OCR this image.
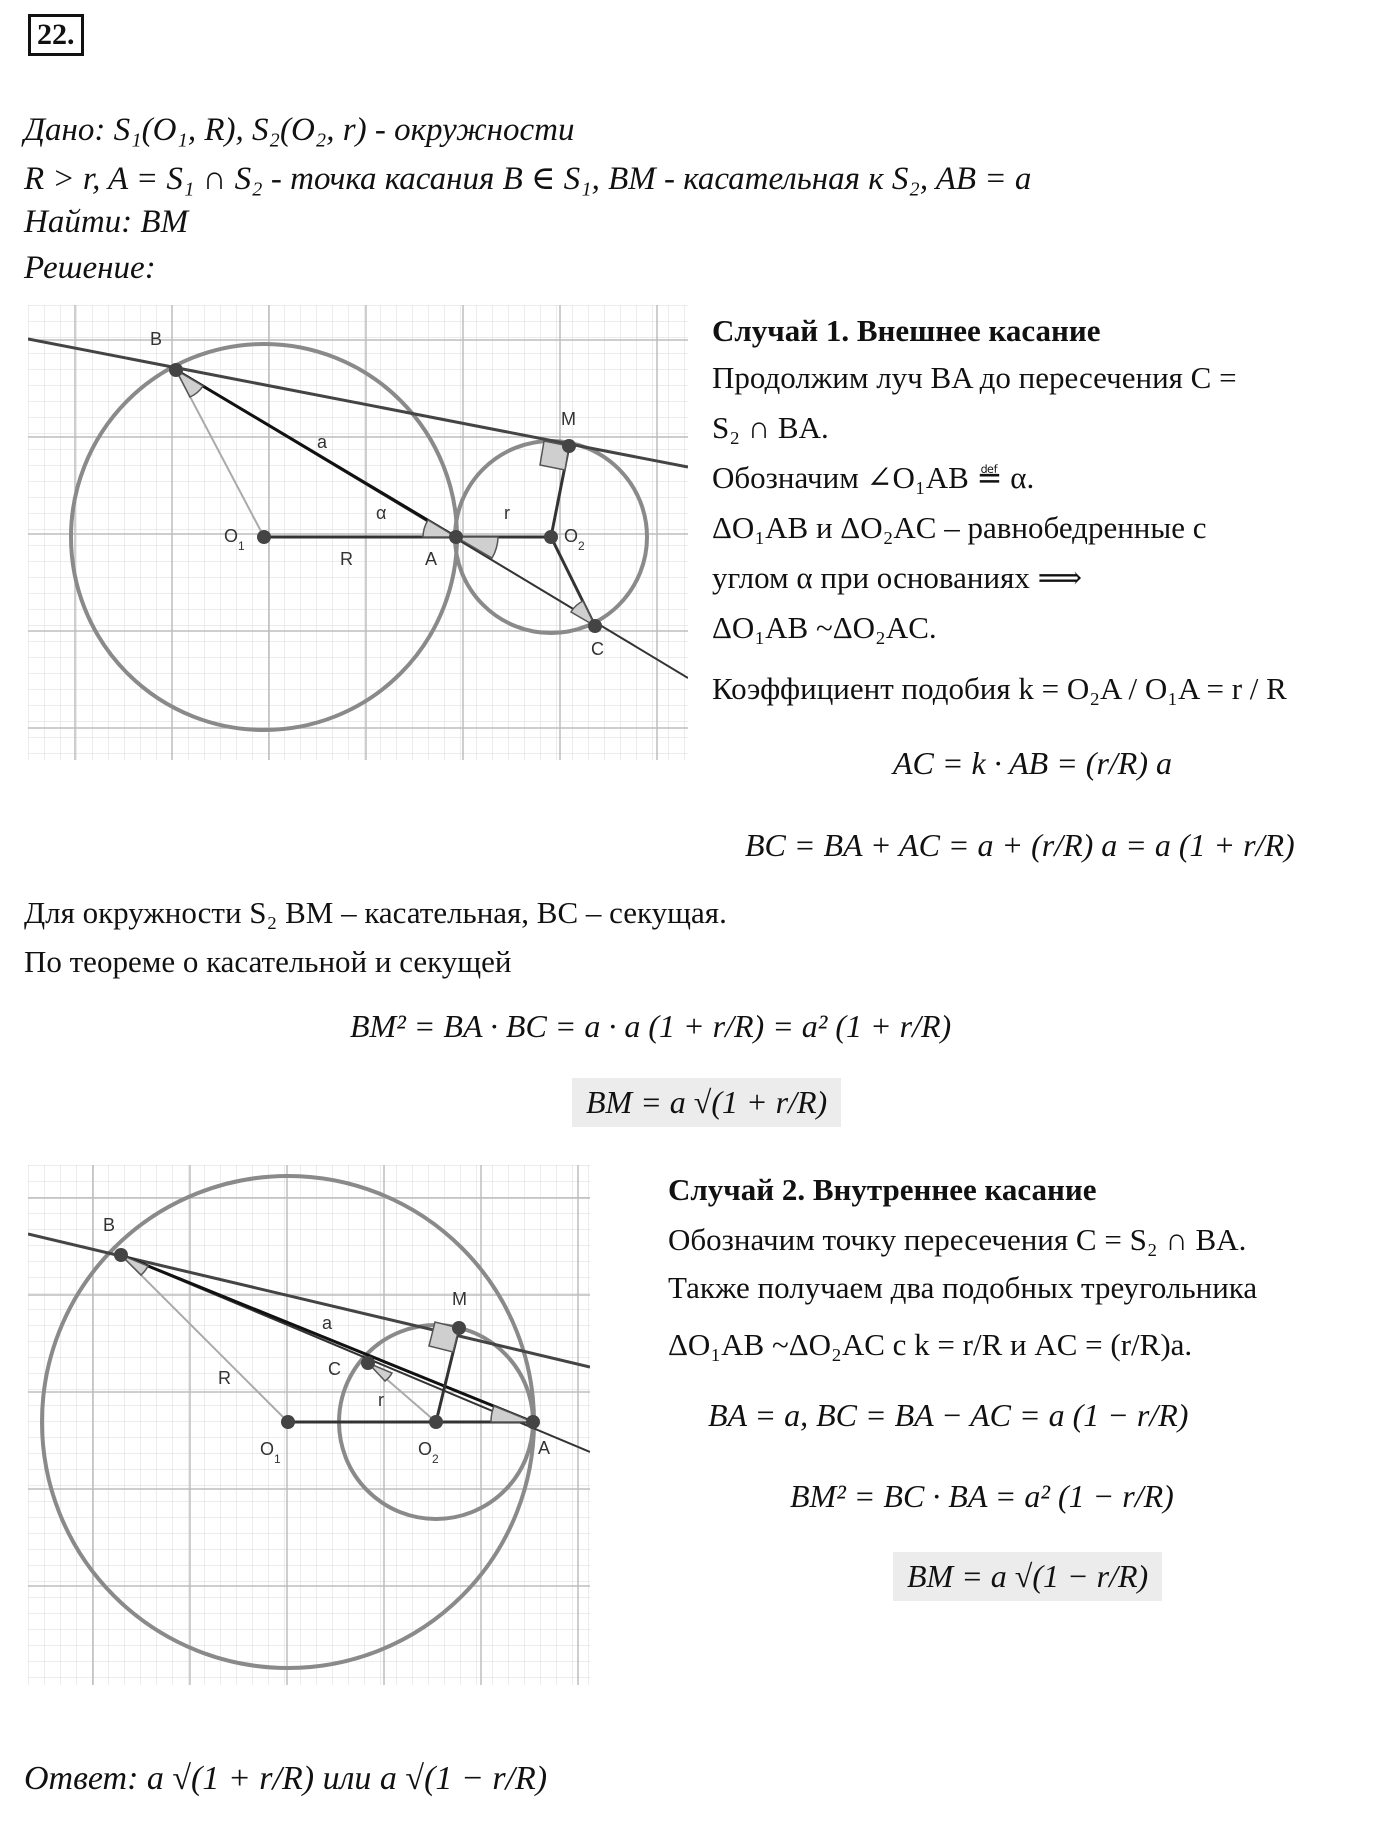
22.
Дано: S₁(O₁, R), S₂(O₂, r) - окружности
R > r, A = S₁ ∩ S₂ - точка касания B ∈ S₁, BM - касательная к S₂, AB = a
Найти: BM
Решение:
B
M
a
α	r
O 1
R	A
O 2
C
Случай 1. Внешнее касание
Продолжим луч BA до пересечения C =
S₂ ∩ BA.
Обозначим ∠O₁AB ≝ α.
ΔO₁AB и ΔO₂AC – равнобедренные с
углом α при основаниях ⟹
ΔO₁AB ~ΔO₂AC.
Коэффициент подобия k = O₂A / O₁A = r / R
AC = k · AB = (r/R) a
BC = BA + AC = a + (r/R) a = a (1 + r/R)
Для окружности S₂ BM – касательная, BC – секущая.
По теореме о касательной и секущей
BM² = BA · BC = a · a (1 + r/R) = a² (1 + r/R)
BM = a √(1 + r/R)
B
M
a
C
R
r
O 1	O 2
A
Случай 2. Внутреннее касание
Обозначим точку пересечения C = S₂ ∩ BA.
Также получаем два подобных треугольника
ΔO₁AB ~ΔO₂AC с k = r/R и AC = (r/R)a.
BA = a, BC = BA − AC = a (1 − r/R)
BM² = BC · BA = a² (1 − r/R)
BM = a √(1 − r/R)
Ответ: a √(1 + r/R) или a √(1 − r/R)
